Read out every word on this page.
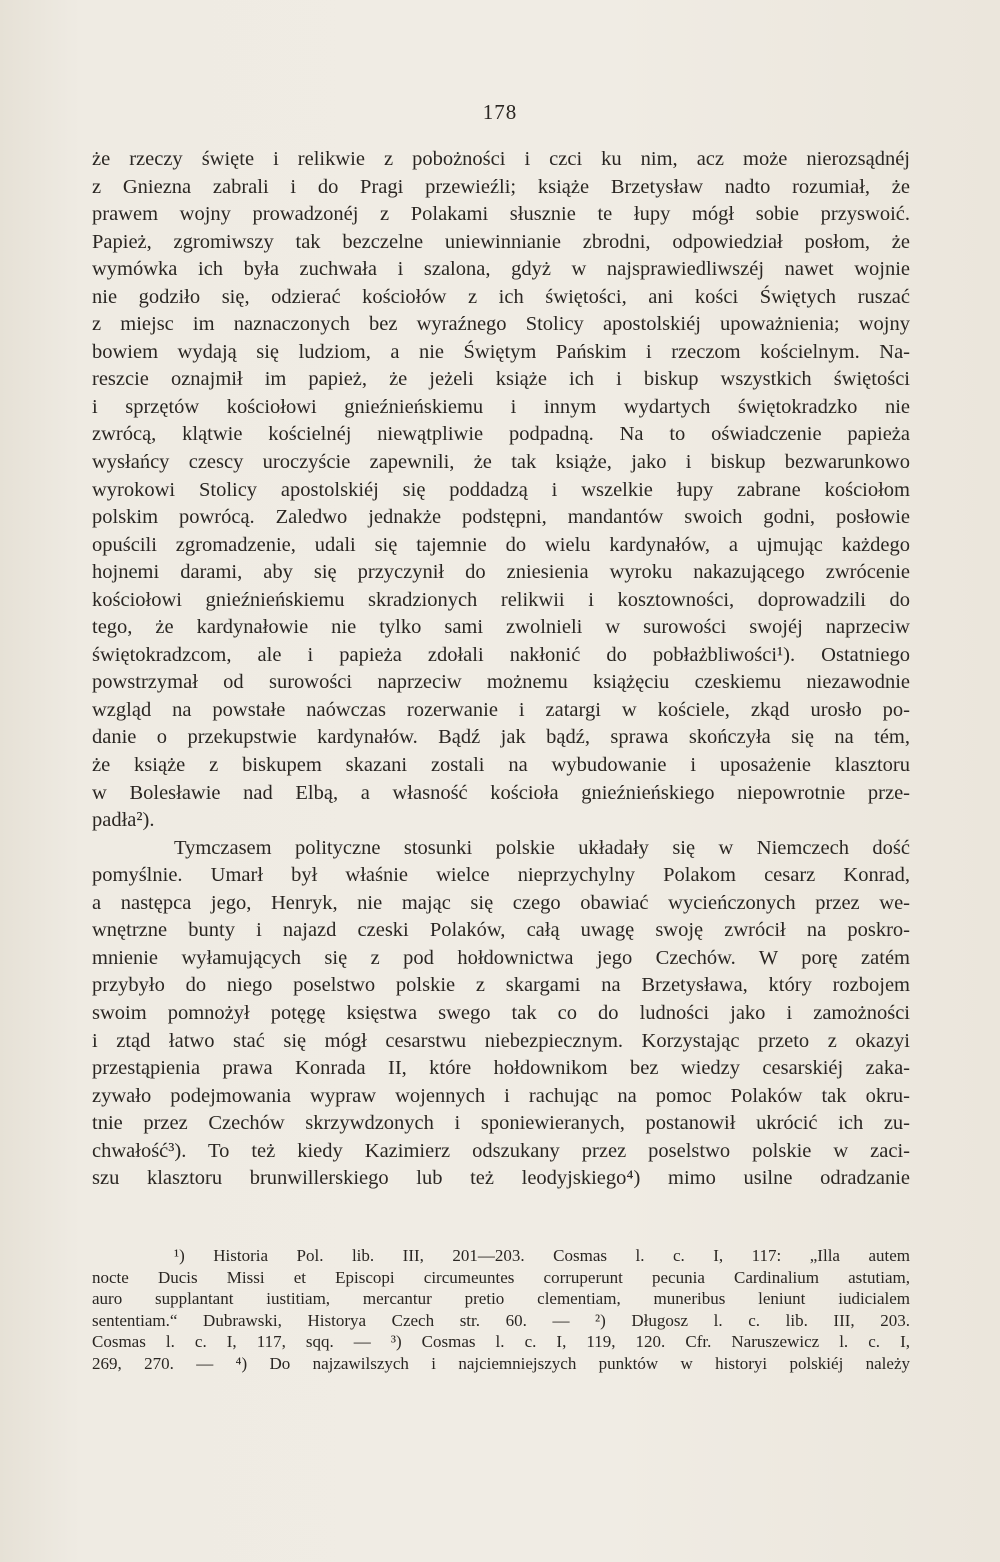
178
że rzeczy święte i relikwie z pobożności i czci ku nim, acz może nierozsądnéj
z Gniezna zabrali i do Pragi przewieźli; książe Brzetysław nadto rozumiał, że
prawem wojny prowadzonéj z Polakami słusznie te łupy mógł sobie przyswoić.
Papież, zgromiwszy tak bezczelne uniewinnianie zbrodni, odpowiedział posłom, że
wymówka ich była zuchwała i szalona, gdyż w najsprawiedliwszéj nawet wojnie
nie godziło się, odzierać kościołów z ich świętości, ani kości Świętych ruszać
z miejsc im naznaczonych bez wyraźnego Stolicy apostolskiéj upoważnienia; wojny
bowiem wydają się ludziom, a nie Świętym Pańskim i rzeczom kościelnym. Na-
reszcie oznajmił im papież, że jeżeli książe ich i biskup wszystkich świętości
i sprzętów kościołowi gnieźnieńskiemu i innym wydartych świętokradzko nie
zwrócą, klątwie kościelnéj niewątpliwie podpadną. Na to oświadczenie papieża
wysłańcy czescy uroczyście zapewnili, że tak książe, jako i biskup bezwarunkowo
wyrokowi Stolicy apostolskiéj się poddadzą i wszelkie łupy zabrane kościołom
polskim powrócą. Zaledwo jednakże podstępni, mandantów swoich godni, posłowie
opuścili zgromadzenie, udali się tajemnie do wielu kardynałów, a ujmując każdego
hojnemi darami, aby się przyczynił do zniesienia wyroku nakazującego zwrócenie
kościołowi gnieźnieńskiemu skradzionych relikwii i kosztowności, doprowadzili do
tego, że kardynałowie nie tylko sami zwolnieli w surowości swojéj naprzeciw
świętokradzcom, ale i papieża zdołali nakłonić do pobłażbliwości¹). Ostatniego
powstrzymał od surowości naprzeciw możnemu książęciu czeskiemu niezawodnie
wzgląd na powstałe naówczas rozerwanie i zatargi w kościele, zkąd urosło po-
danie o przekupstwie kardynałów. Bądź jak bądź, sprawa skończyła się na tém,
że książe z biskupem skazani zostali na wybudowanie i uposażenie klasztoru
w Bolesławie nad Elbą, a własność kościoła gnieźnieńskiego niepowrotnie prze-
padła²).
Tymczasem polityczne stosunki polskie układały się w Niemczech dość
pomyślnie. Umarł był właśnie wielce nieprzychylny Polakom cesarz Konrad,
a następca jego, Henryk, nie mając się czego obawiać wycieńczonych przez we-
wnętrzne bunty i najazd czeski Polaków, całą uwagę swoję zwrócił na poskro-
mnienie wyłamujących się z pod hołdownictwa jego Czechów. W porę zatém
przybyło do niego poselstwo polskie z skargami na Brzetysława, który rozbojem
swoim pomnożył potęgę księstwa swego tak co do ludności jako i zamożności
i ztąd łatwo stać się mógł cesarstwu niebezpiecznym. Korzystając przeto z okazyi
przestąpienia prawa Konrada II, które hołdownikom bez wiedzy cesarskiéj zaka-
zywało podejmowania wypraw wojennych i rachując na pomoc Polaków tak okru-
tnie przez Czechów skrzywdzonych i sponiewieranych, postanowił ukrócić ich zu-
chwałość³). To też kiedy Kazimierz odszukany przez poselstwo polskie w zaci-
szu klasztoru brunwillerskiego lub też leodyjskiego⁴) mimo usilne odradzanie
¹) Historia Pol. lib. III, 201—203. Cosmas l. c. I, 117: „Illa autem
nocte Ducis Missi et Episcopi circumeuntes corruperunt pecunia Cardinalium astutiam,
auro supplantant iustitiam, mercantur pretio clementiam, muneribus leniunt iudicialem
sententiam.“ Dubrawski, Historya Czech str. 60. — ²) Długosz l. c. lib. III, 203.
Cosmas l. c. I, 117, sqq. — ³) Cosmas l. c. I, 119, 120. Cfr. Naruszewicz l. c. I,
269, 270. — ⁴) Do najzawilszych i najciemniejszych punktów w historyi polskiéj należy
